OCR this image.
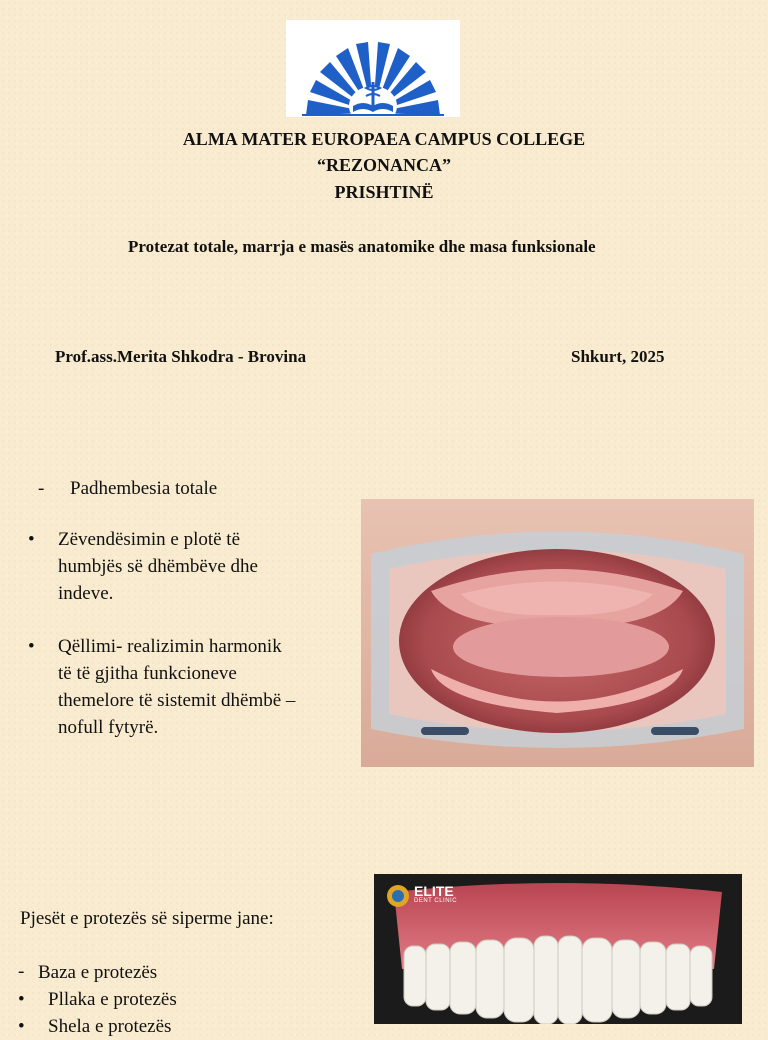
ALMA MATER EUROPAEA CAMPUS COLLEGE
“REZONANCA”
PRISHTINË
Protezat totale, marrja e masës anatomike dhe masa funksionale
Prof.ass.Merita Shkodra - Brovina	Shkurt, 2025
- Padhembesia totale
• Zëvendësimin e plotë të
humbjës së dhëmbëve dhe
indeve.
• Qëllimi- realizimin harmonik
të të gjitha funkcioneve
themelore të sistemit dhëmbë –
nofull fytyrë.
Pjesët e protezës së siperme jane:
- Baza e protezës
• Pllaka e protezës
• Shela e protezës
ELITE
DENT CLINIC
